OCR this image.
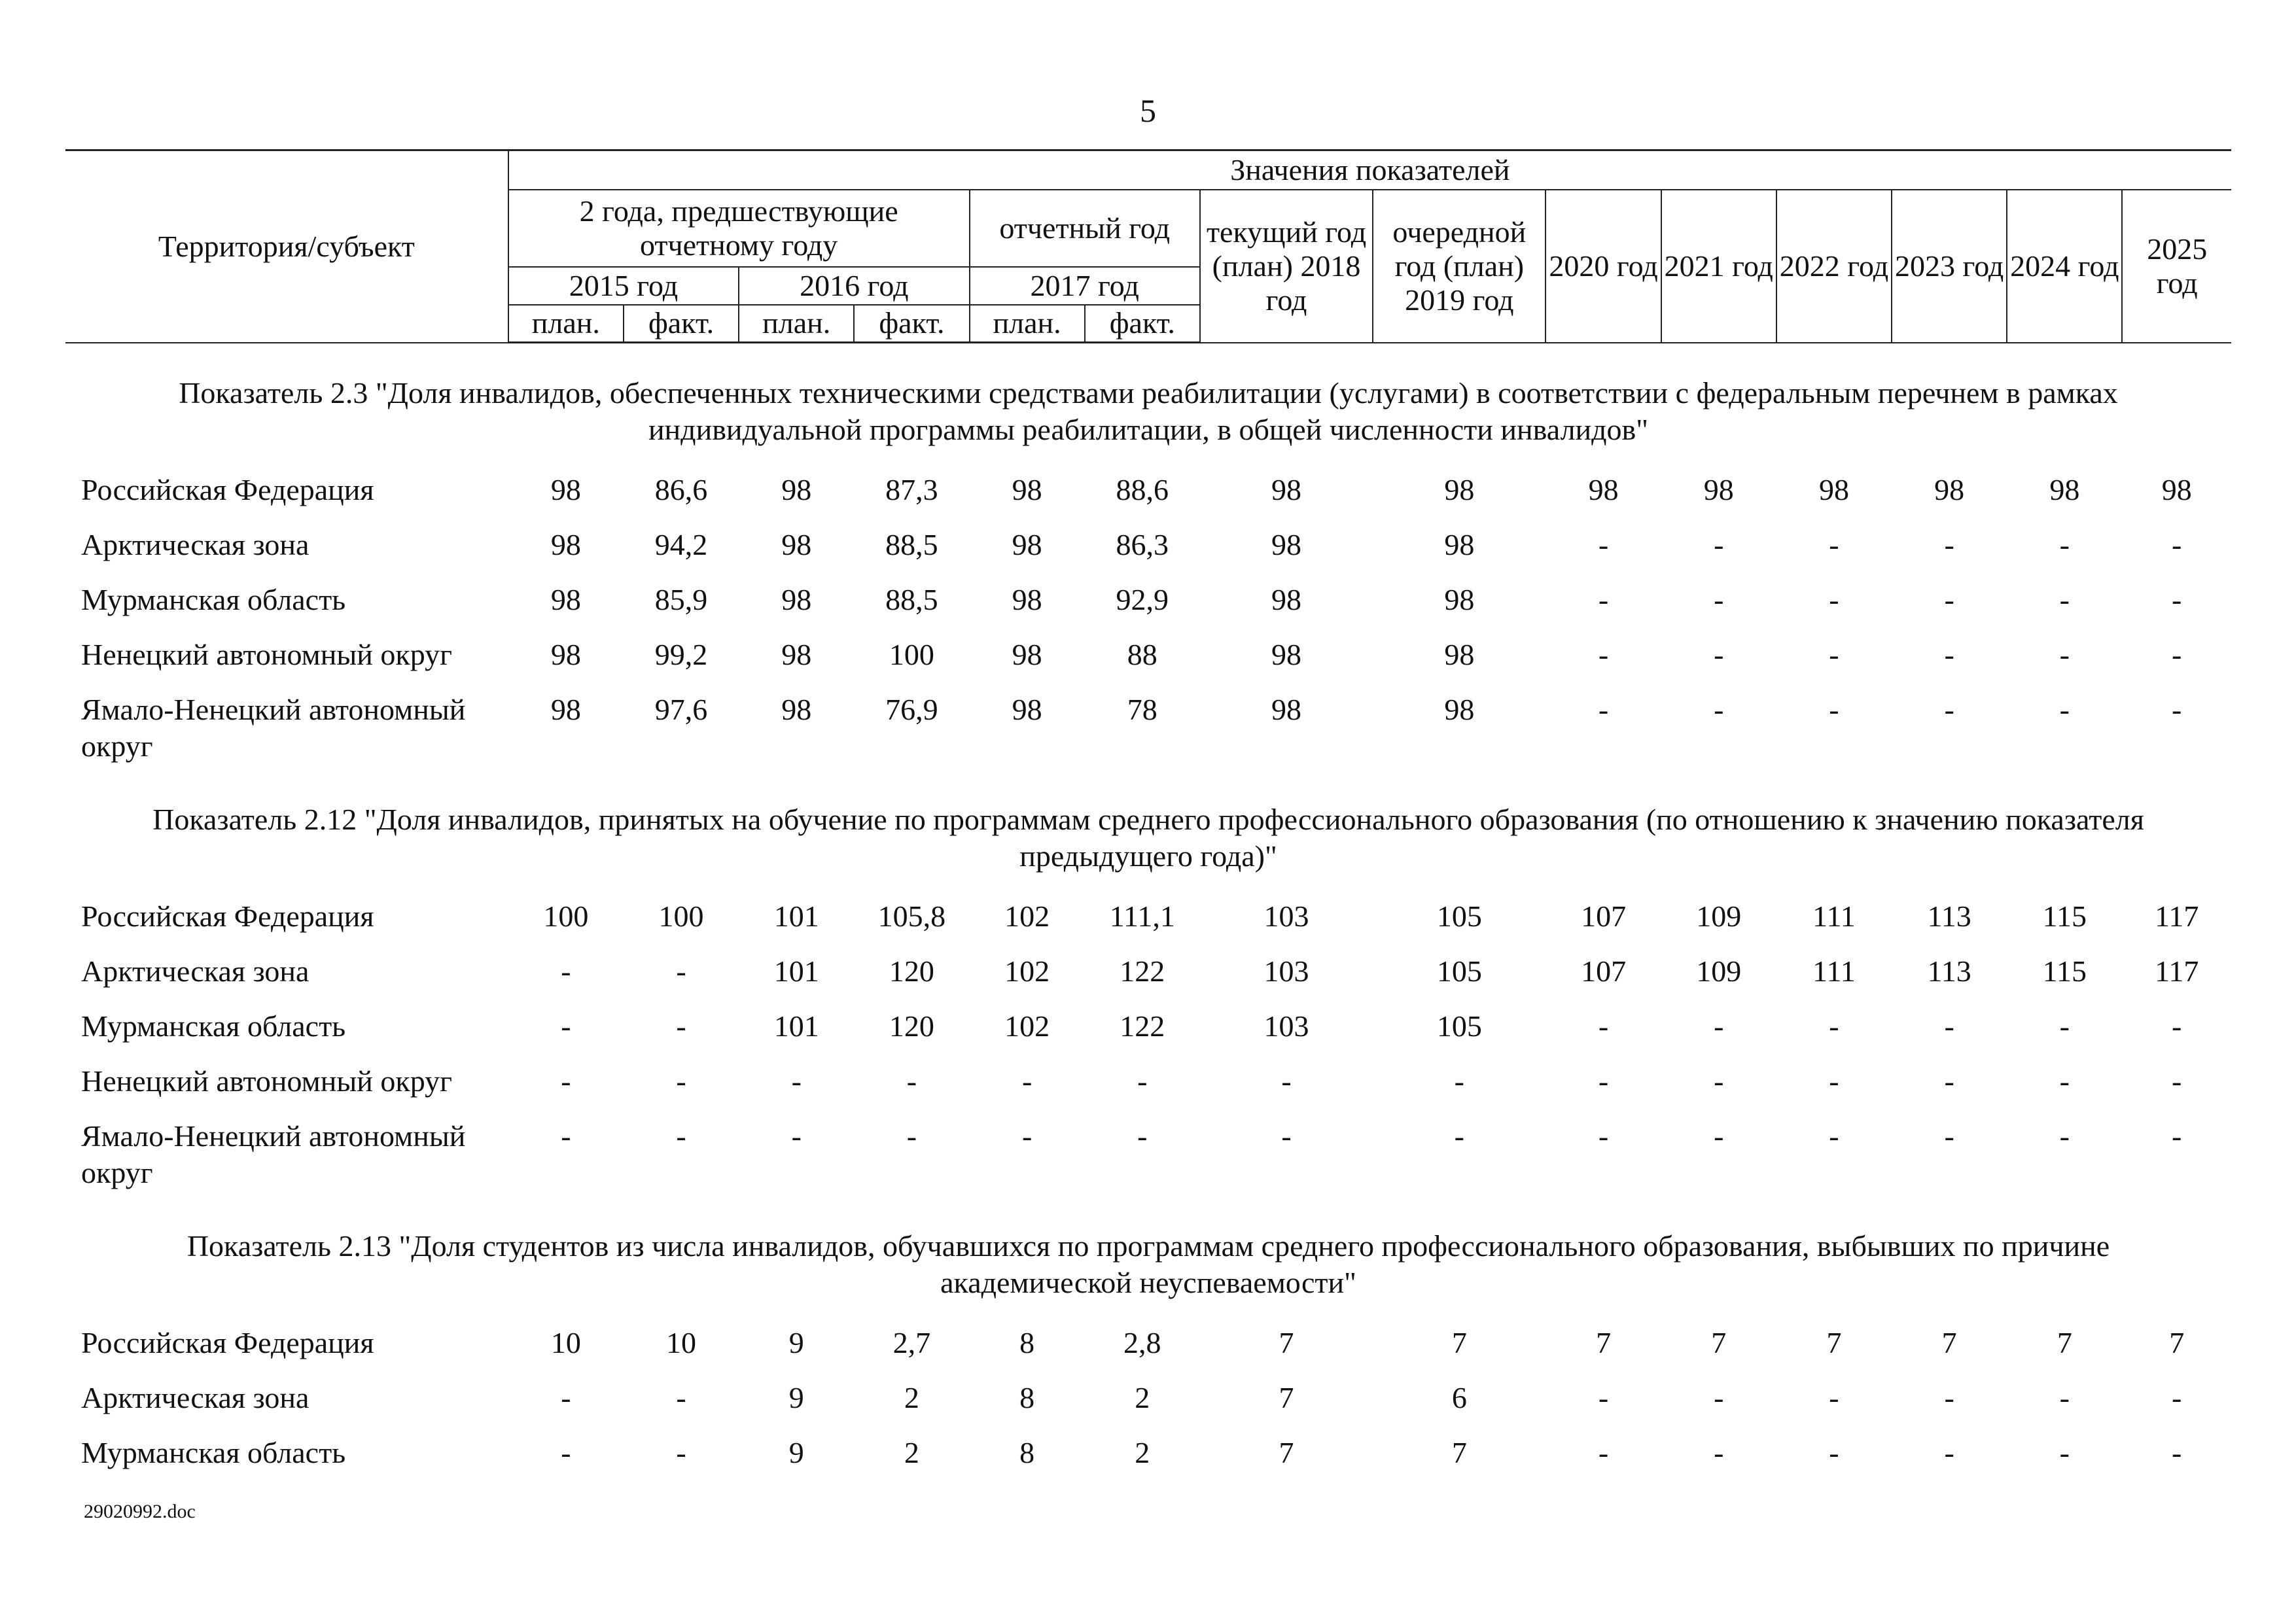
5
Территория/субъект	Значения показателей													
	2 года, предшествующие отчетному году				отчетный год		текущий год (план) 2018 год	очередной год (план) 2019 год	2020 год	2021 год	2022 год	2023 год	2024 год	2025 год
	2015 год		2016 год		2017 год									
	план.	факт.	план.	факт.	план.	факт.								
Показатель 2.3 "Доля инвалидов, обеспеченных техническими средствами реабилитации (услугами) в соответствии с федеральным перечнем в рамках индивидуальной программы реабилитации, в общей численности инвалидов"														
Российская Федерация	98	86,6	98	87,3	98	88,6	98	98	98	98	98	98	98	98
Арктическая зона	98	94,2	98	88,5	98	86,3	98	98	-	-	-	-	-	-
Мурманская область	98	85,9	98	88,5	98	92,9	98	98	-	-	-	-	-	-
Ненецкий автономный округ	98	99,2	98	100	98	88	98	98	-	-	-	-	-	-
Ямало-Ненецкий автономный округ	98	97,6	98	76,9	98	78	98	98	-	-	-	-	-	-
Показатель 2.12 "Доля инвалидов, принятых на обучение по программам среднего профессионального образования (по отношению к значению показателя предыдущего года)"														
Российская Федерация	100	100	101	105,8	102	111,1	103	105	107	109	111	113	115	117
Арктическая зона	-	-	101	120	102	122	103	105	107	109	111	113	115	117
Мурманская область	-	-	101	120	102	122	103	105	-	-	-	-	-	-
Ненецкий автономный округ	-	-	-	-	-	-	-	-	-	-	-	-	-	-
Ямало-Ненецкий автономный округ	-	-	-	-	-	-	-	-	-	-	-	-	-	-
Показатель 2.13 "Доля студентов из числа инвалидов, обучавшихся по программам среднего профессионального образования, выбывших по причине академической неуспеваемости"														
Российская Федерация	10	10	9	2,7	8	2,8	7	7	7	7	7	7	7	7
Арктическая зона	-	-	9	2	8	2	7	6	-	-	-	-	-	-
Мурманская область	-	-	9	2	8	2	7	7	-	-	-	-	-	-
29020992.doc
